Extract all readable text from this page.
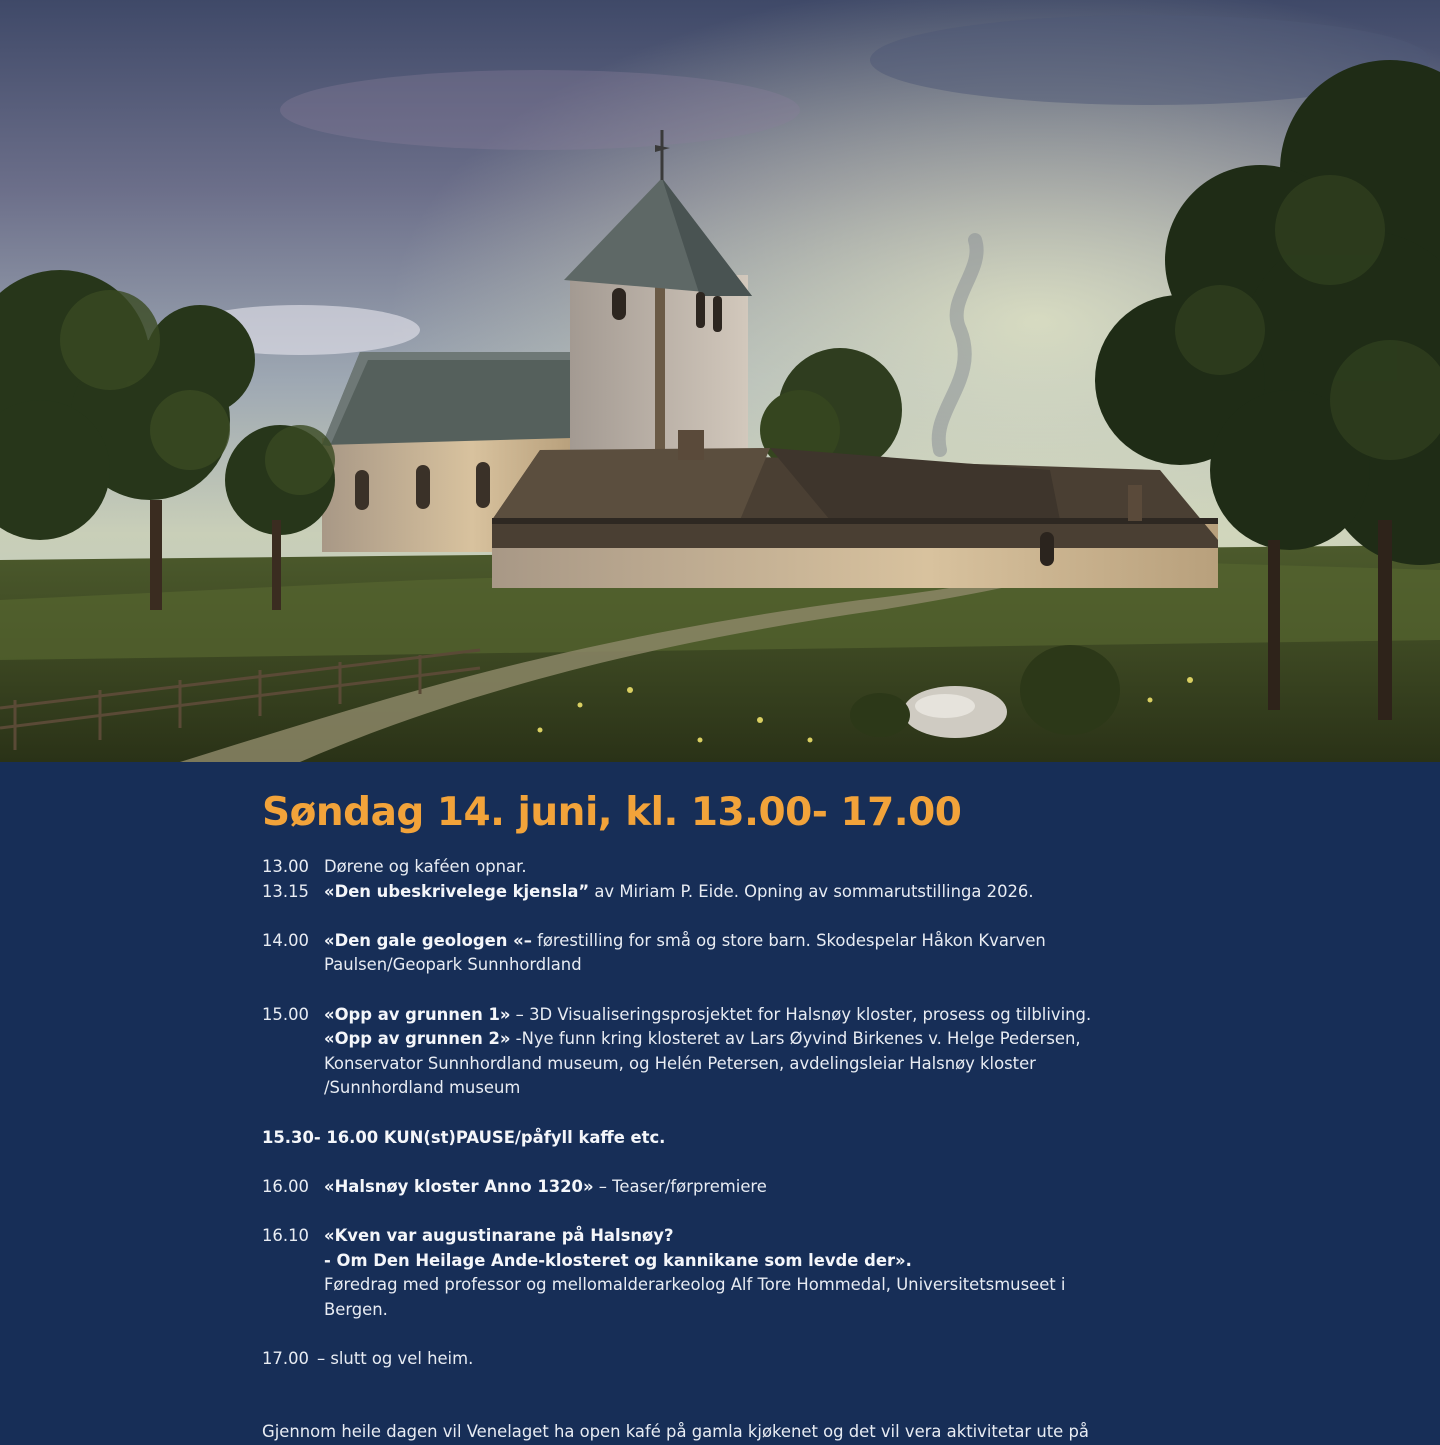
Søndag 14. juni, kl. 13.00- 17.00
13.00 Dørene og kaféen opnar.
13.15 «Den ubeskrivelege kjensla” av Miriam P. Eide. Opning av sommarutstillinga 2026.
14.00 «Den gale geologen «– førestilling for små og store barn. Skodespelar Håkon Kvarven Paulsen/Geopark Sunnhordland
15.00 «Opp av grunnen 1» – 3D Visualiseringsprosjektet for Halsnøy kloster, prosess og tilbliving. «Opp av grunnen 2» -Nye funn kring klosteret av Lars Øyvind Birkenes v. Helge Pedersen, Konservator Sunnhordland museum, og Helén Petersen, avdelingsleiar Halsnøy kloster /Sunnhordland museum
15.30- 16.00 KUN(st)PAUSE/påfyll kaffe etc.
16.00 «Halsnøy kloster Anno 1320» – Teaser/førpremiere
16.10 «Kven var augustinarane på Halsnøy?
- Om Den Heilage Ande-klosteret og kannikane som levde der».
Føredrag med professor og mellomalderarkeolog Alf Tore Hommedal, Universitetsmuseet i Bergen.
17.00 – slutt og vel heim.
Gjennom heile dagen vil Venelaget ha open kafé på gamla kjøkenet og det vil vera aktivitetar ute på
